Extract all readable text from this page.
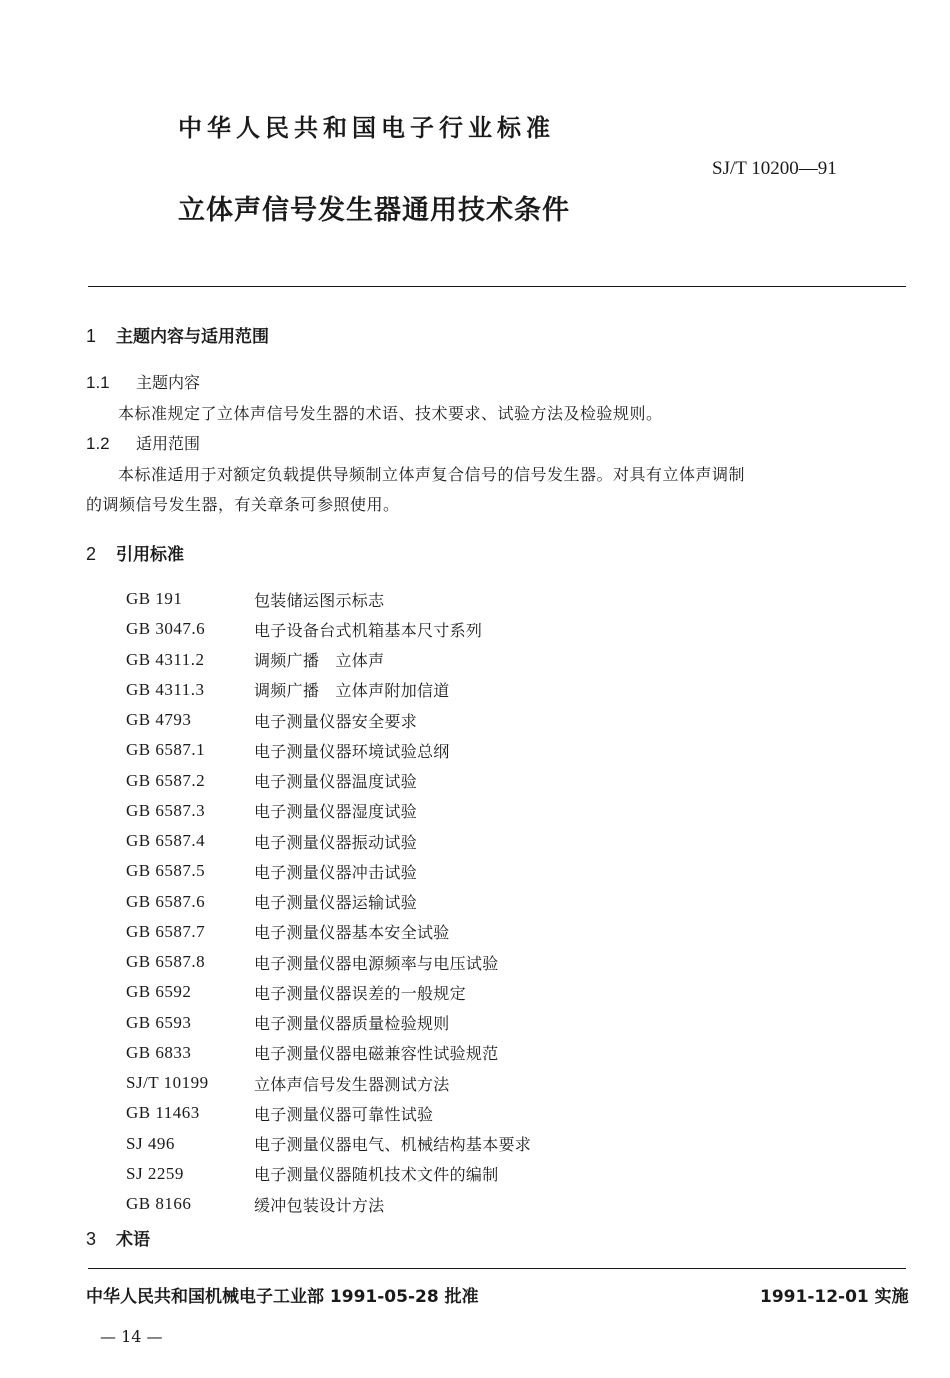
中华人民共和国电子行业标准
SJ/T 10200—91
立体声信号发生器通用技术条件
1 主题内容与适用范围
1.1 主题内容
本标准规定了立体声信号发生器的术语、技术要求、试验方法及检验规则。
1.2 适用范围
本标准适用于对额定负载提供导频制立体声复合信号的信号发生器。对具有立体声调制
的调频信号发生器，有关章条可参照使用。
2 引用标准
GB 191	包装储运图示标志
GB 3047.6	电子设备台式机箱基本尺寸系列
GB 4311.2	调频广播　立体声
GB 4311.3	调频广播　立体声附加信道
GB 4793	电子测量仪器安全要求
GB 6587.1	电子测量仪器环境试验总纲
GB 6587.2	电子测量仪器温度试验
GB 6587.3	电子测量仪器湿度试验
GB 6587.4	电子测量仪器振动试验
GB 6587.5	电子测量仪器冲击试验
GB 6587.6	电子测量仪器运输试验
GB 6587.7	电子测量仪器基本安全试验
GB 6587.8	电子测量仪器电源频率与电压试验
GB 6592	电子测量仪器误差的一般规定
GB 6593	电子测量仪器质量检验规则
GB 6833	电子测量仪器电磁兼容性试验规范
SJ/T 10199	立体声信号发生器测试方法
GB 11463	电子测量仪器可靠性试验
SJ 496	电子测量仪器电气、机械结构基本要求
SJ 2259	电子测量仪器随机技术文件的编制
GB 8166	缓冲包装设计方法
3 术语
中华人民共和国机械电子工业部 1991-05-28 批准	1991-12-01 实施
— 14 —
